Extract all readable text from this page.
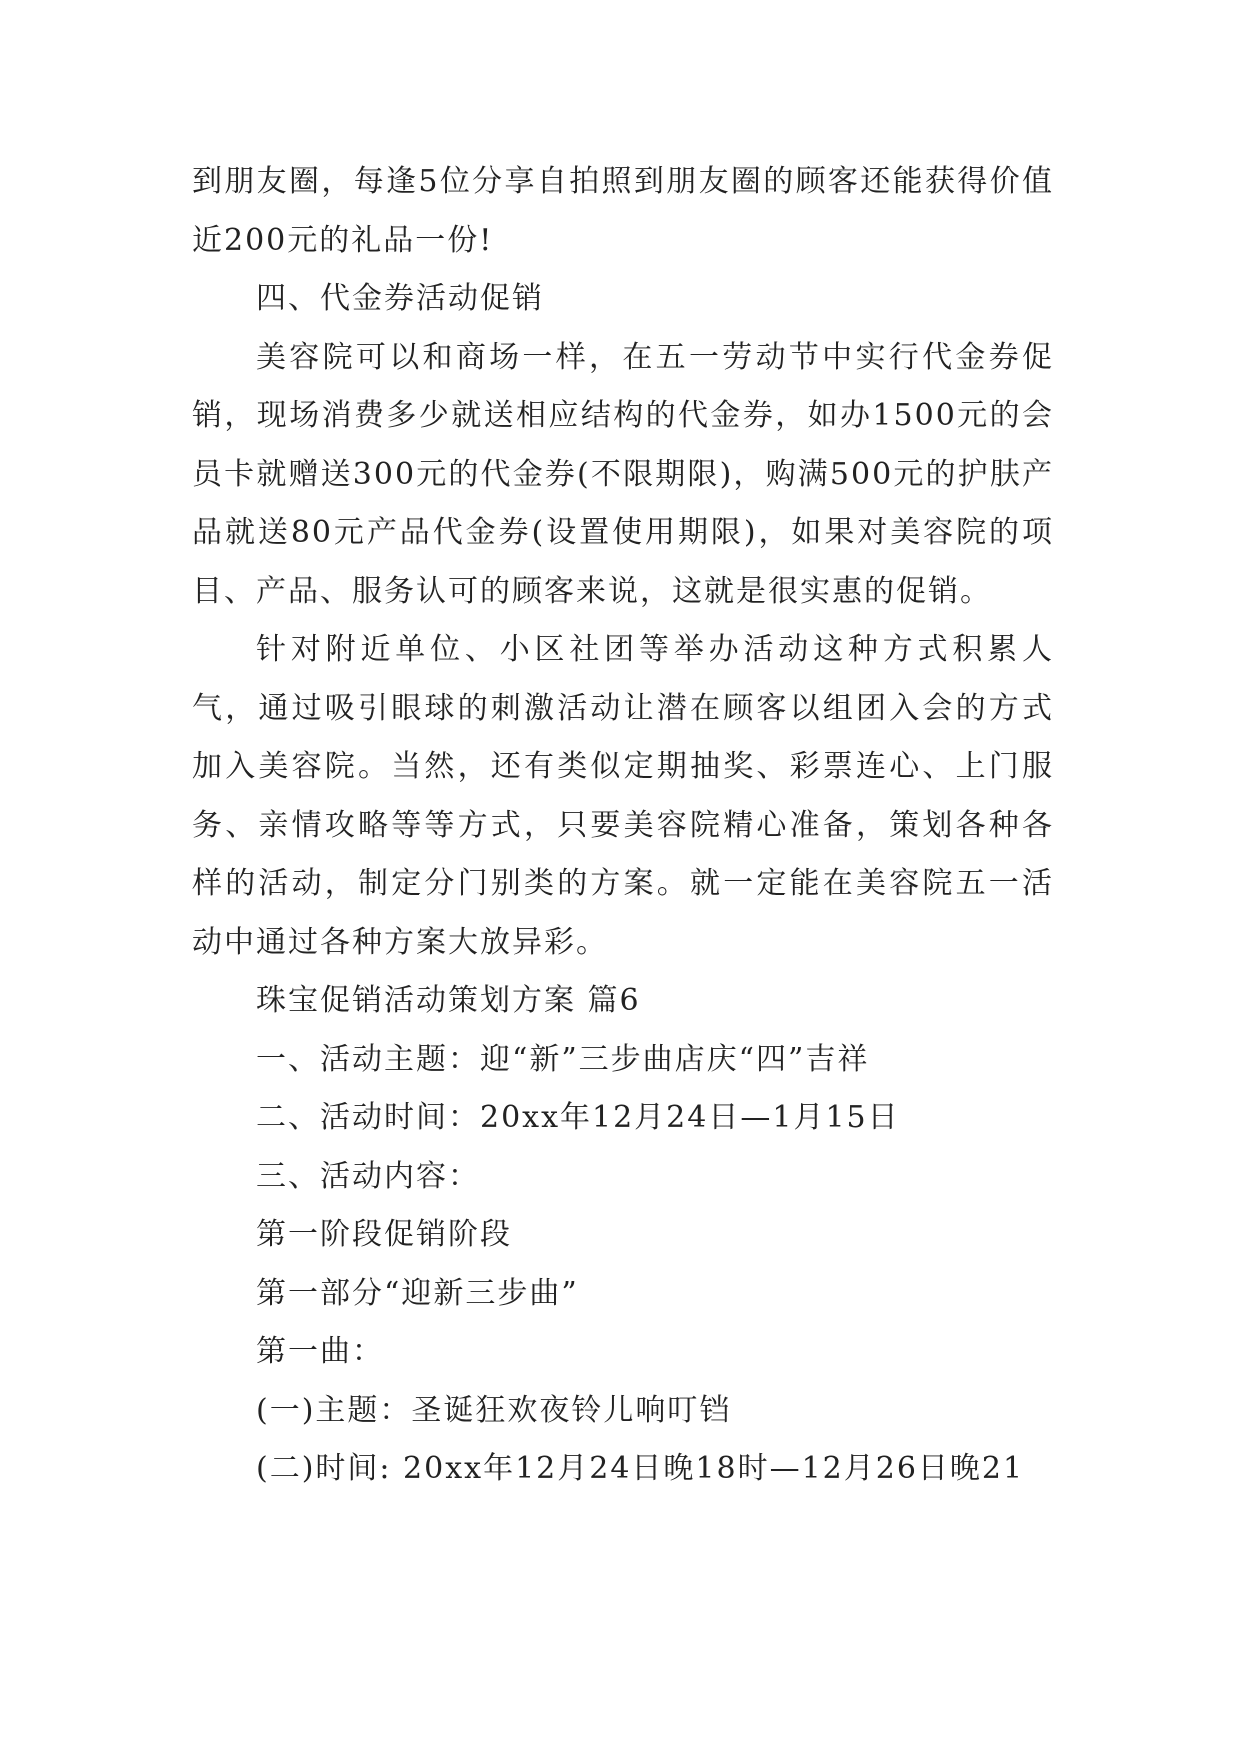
到朋友圈，每逢5位分享自拍照到朋友圈的顾客还能获得价值近200元的礼品一份!

四、代金券活动促销

美容院可以和商场一样，在五一劳动节中实行代金券促销，现场消费多少就送相应结构的代金券，如办1500元的会员卡就赠送300元的代金券(不限期限)，购满500元的护肤产品就送80元产品代金券(设置使用期限)，如果对美容院的项目、产品、服务认可的顾客来说，这就是很实惠的促销。

针对附近单位、小区社团等举办活动这种方式积累人气，通过吸引眼球的刺激活动让潜在顾客以组团入会的方式加入美容院。当然，还有类似定期抽奖、彩票连心、上门服务、亲情攻略等等方式，只要美容院精心准备，策划各种各样的活动，制定分门别类的方案。就一定能在美容院五一活动中通过各种方案大放异彩。

珠宝促销活动策划方案 篇6

一、活动主题：迎“新”三步曲店庆“四”吉祥

二、活动时间：20xx年12月24日—1月15日

三、活动内容：

第一阶段促销阶段

第一部分“迎新三步曲”

第一曲：

(一)主题：圣诞狂欢夜铃儿响叮铛

(二)时间: 20xx年12月24日晚18时—12月26日晚21
